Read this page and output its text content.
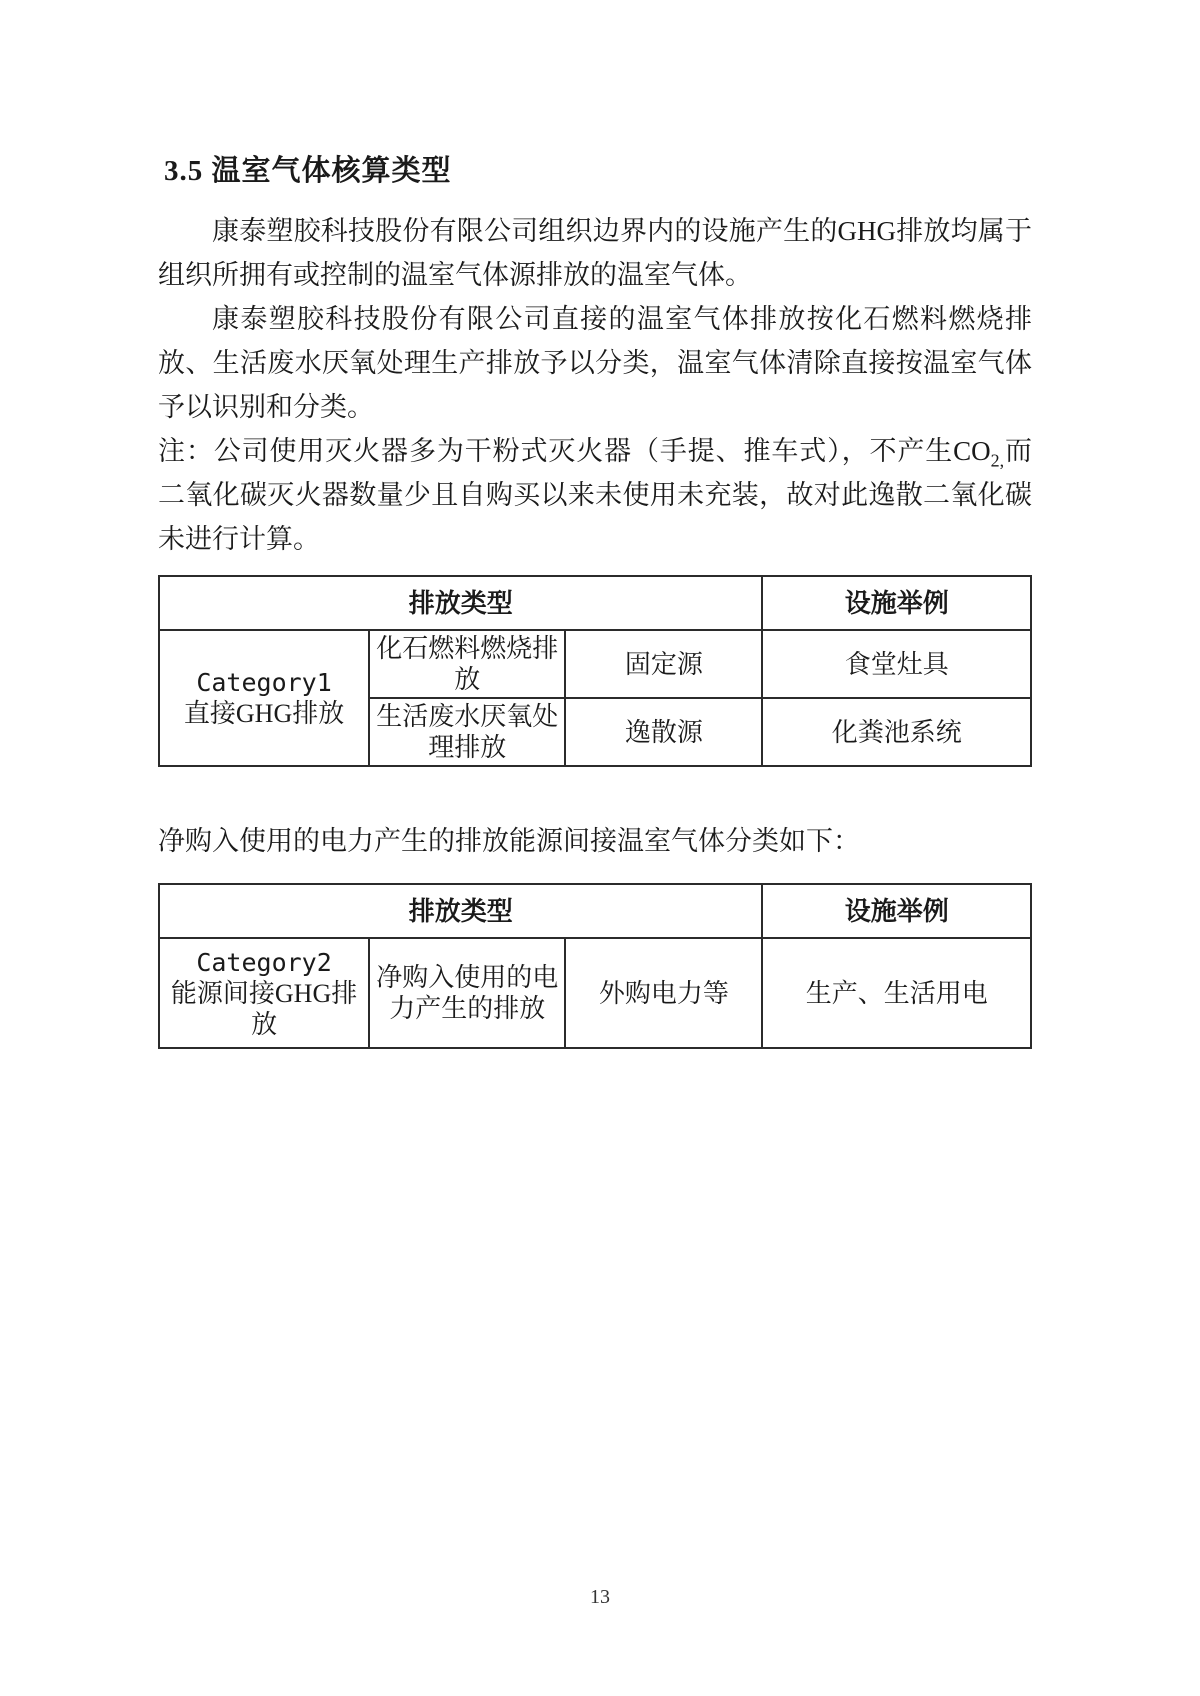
3.5 温室气体核算类型

康泰塑胶科技股份有限公司组织边界内的设施产生的GHG排放均属于组织所拥有或控制的温室气体源排放的温室气体。

康泰塑胶科技股份有限公司直接的温室气体排放按化石燃料燃烧排放、生活废水厌氧处理生产排放予以分类，温室气体清除直接按温室气体予以识别和分类。

注：公司使用灭火器多为干粉式灭火器（手提、推车式），不产生$CO_{2,}$而二氧化碳灭火器数量少且自购买以来未使用未充装，故对此逸散二氧化碳未进行计算。

排放类型			设施举例

Category1
直接GHG排放	化石燃料燃烧排放	固定源	食堂灶具
	生活废水厌氧处理排放	逸散源	化粪池系统

净购入使用的电力产生的排放能源间接温室气体分类如下：

排放类型			设施举例

Category2
能源间接GHG排放	净购入使用的电力产生的排放	外购电力等	生产、生活用电
13
